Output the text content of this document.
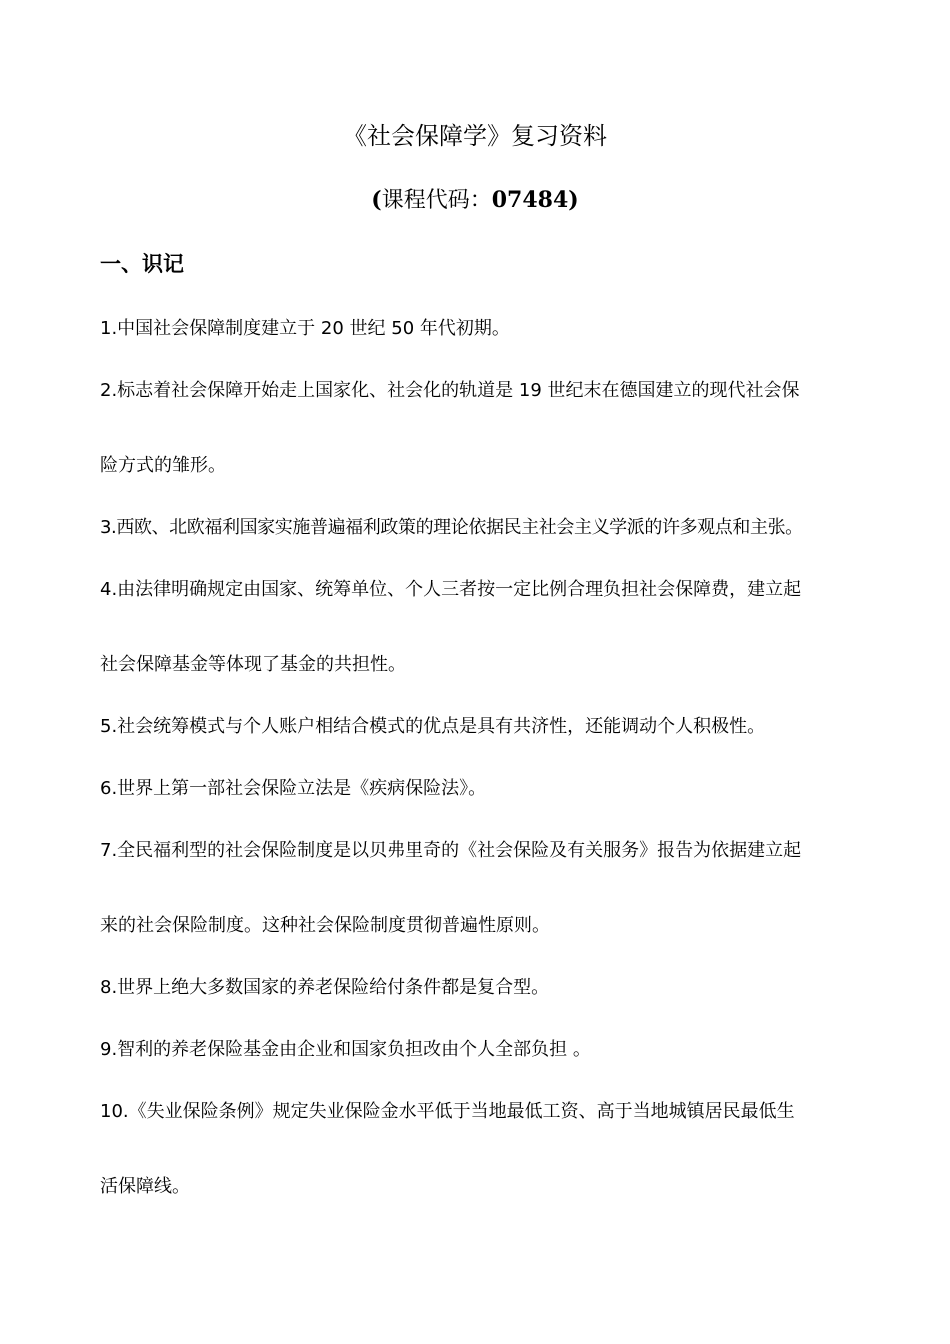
《社会保障学》复习资料
(课程代码：07484)
一、识记
1.中国社会保障制度建立于 20 世纪 50 年代初期。
2.标志着社会保障开始走上国家化、社会化的轨道是 19 世纪末在德国建立的现代社会保
险方式的雏形。
3.西欧、北欧福利国家实施普遍福利政策的理论依据民主社会主义学派的许多观点和主张。
4.由法律明确规定由国家、统筹单位、个人三者按一定比例合理负担社会保障费，建立起
社会保障基金等体现了基金的共担性。
5.社会统筹模式与个人账户相结合模式的优点是具有共济性，还能调动个人积极性。
6.世界上第一部社会保险立法是《疾病保险法》。
7.全民福利型的社会保险制度是以贝弗里奇的《社会保险及有关服务》报告为依据建立起
来的社会保险制度。这种社会保险制度贯彻普遍性原则。
8.世界上绝大多数国家的养老保险给付条件都是复合型。
9.智利的养老保险基金由企业和国家负担改由个人全部负担 。
10.《失业保险条例》规定失业保险金水平低于当地最低工资、高于当地城镇居民最低生
活保障线。
